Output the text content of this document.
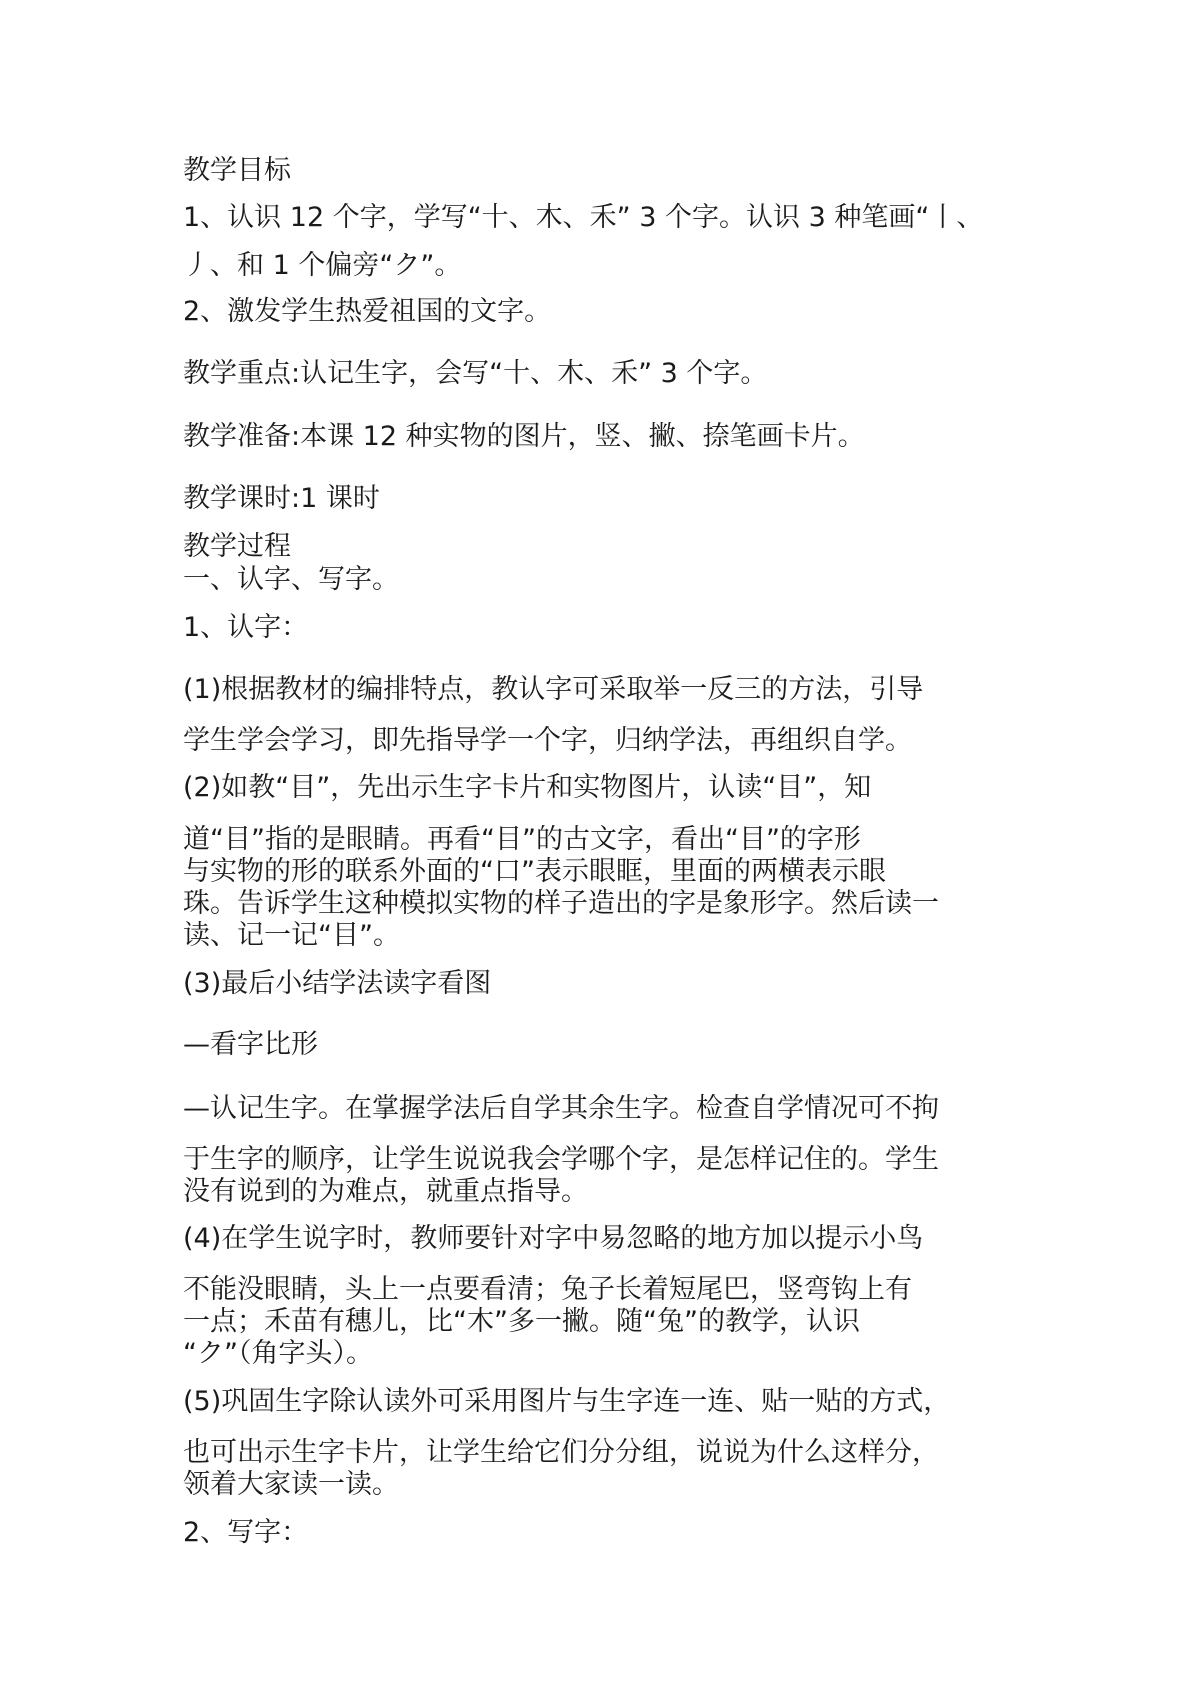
教学目标
1、认识 12 个字，学写“十、木、禾” 3 个字。认识 3 种笔画“丨、
丿、和 1 个偏旁“ク”。
2、激发学生热爱祖国的文字。
教学重点:认记生字，会写“十、木、禾” 3 个字。
教学准备:本课 12 种实物的图片，竖、撇、捺笔画卡片。
教学课时:1 课时
教学过程
一、认字、写字。
1、认字：
(1)根据教材的编排特点，教认字可采取举一反三的方法，引导
学生学会学习，即先指导学一个字，归纳学法，再组织自学。
(2)如教“目”，先出示生字卡片和实物图片，认读“目”，知
道“目”指的是眼睛。再看“目”的古文字，看出“目”的字形
与实物的形的联系外面的“口”表示眼眶，里面的两横表示眼
珠。告诉学生这种模拟实物的样子造出的字是象形字。然后读一
读、记一记“目”。
(3)最后小结学法读字看图
—看字比形
—认记生字。在掌握学法后自学其余生字。检查自学情况可不拘
于生字的顺序，让学生说说我会学哪个字，是怎样记住的。学生
没有说到的为难点，就重点指导。
(4)在学生说字时，教师要针对字中易忽略的地方加以提示小鸟
不能没眼睛，头上一点要看清；兔子长着短尾巴，竖弯钩上有
一点；禾苗有穗儿，比“木”多一撇。随“兔”的教学，认识
“ク”（角字头）。
(5)巩固生字除认读外可采用图片与生字连一连、贴一贴的方式，
也可出示生字卡片，让学生给它们分分组，说说为什么这样分，
领着大家读一读。
2、写字：
